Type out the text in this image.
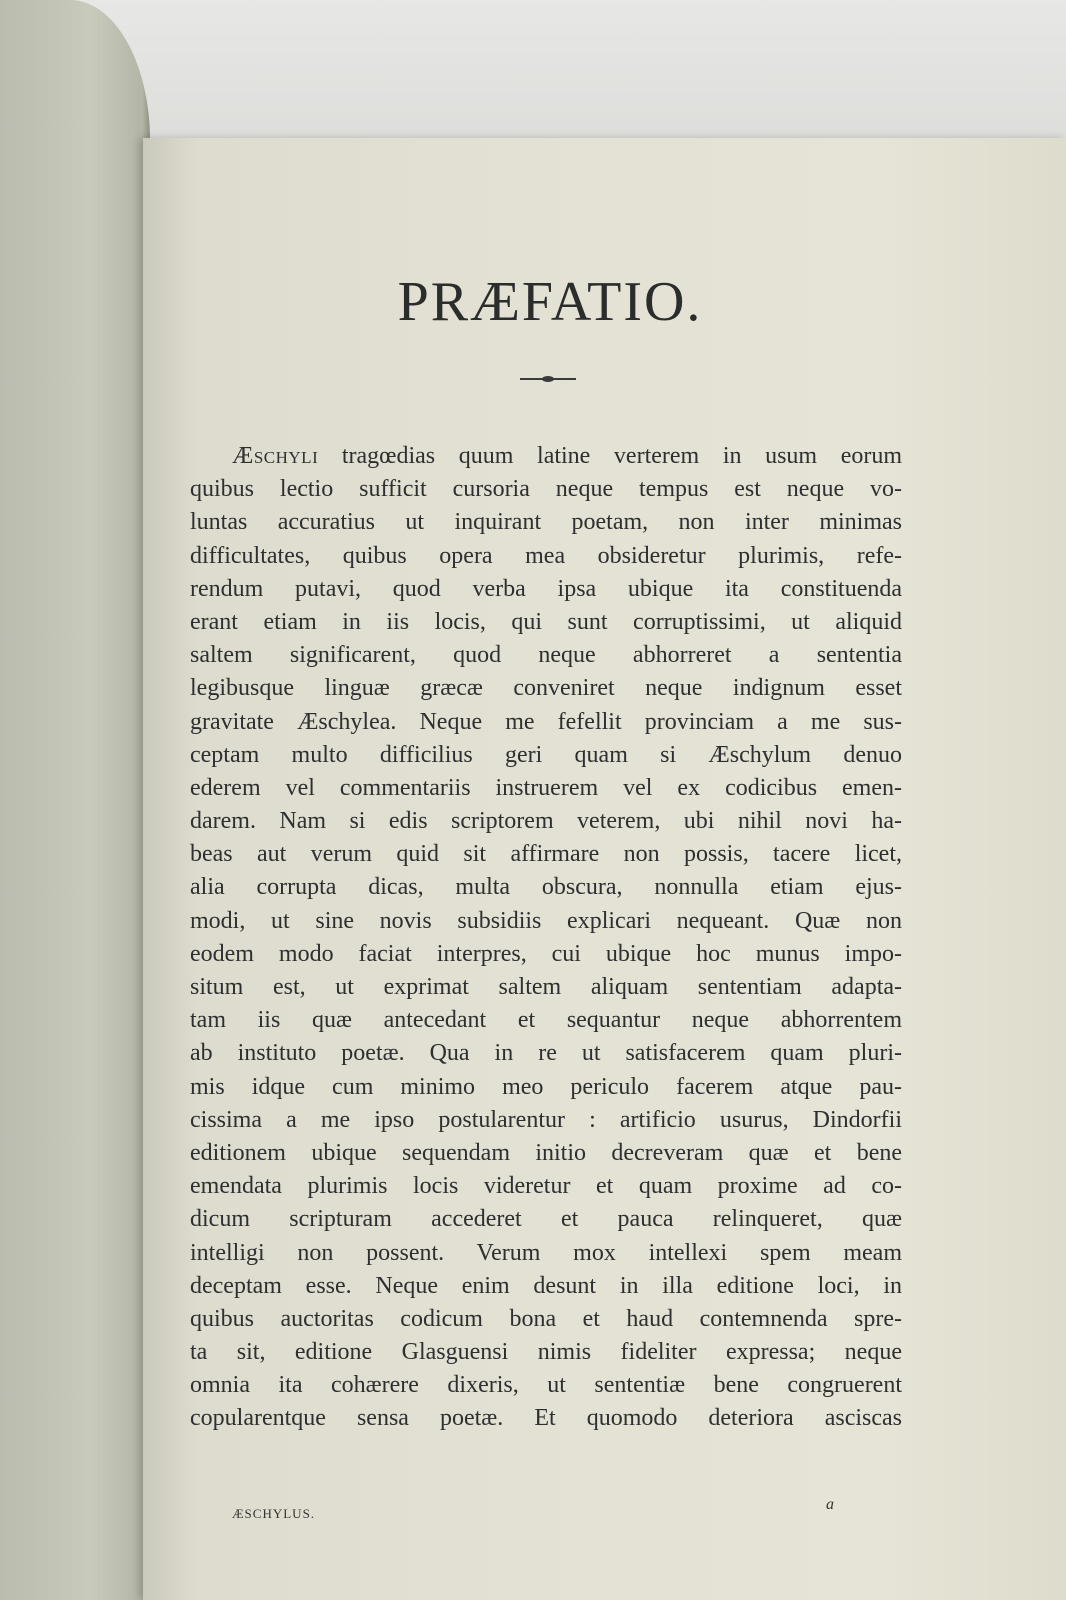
PRÆFATIO.
Æschyli tragœdias quum latine verterem in usum eorum
quibus lectio sufficit cursoria neque tempus est neque vo-
luntas accuratius ut inquirant poetam, non inter minimas
difficultates, quibus opera mea obsideretur plurimis, refe-
rendum putavi, quod verba ipsa ubique ita constituenda
erant etiam in iis locis, qui sunt corruptissimi, ut aliquid
saltem significarent, quod neque abhorreret a sententia
legibusque linguæ græcæ conveniret neque indignum esset
gravitate Æschylea. Neque me fefellit provinciam a me sus-
ceptam multo difficilius geri quam si Æschylum denuo
ederem vel commentariis instruerem vel ex codicibus emen-
darem. Nam si edis scriptorem veterem, ubi nihil novi ha-
beas aut verum quid sit affirmare non possis, tacere licet,
alia corrupta dicas, multa obscura, nonnulla etiam ejus-
modi, ut sine novis subsidiis explicari nequeant. Quæ non
eodem modo faciat interpres, cui ubique hoc munus impo-
situm est, ut exprimat saltem aliquam sententiam adapta-
tam iis quæ antecedant et sequantur neque abhorrentem
ab instituto poetæ. Qua in re ut satisfacerem quam pluri-
mis idque cum minimo meo periculo facerem atque pau-
cissima a me ipso postularentur : artificio usurus, Dindorfii
editionem ubique sequendam initio decreveram quæ et bene
emendata plurimis locis videretur et quam proxime ad co-
dicum scripturam accederet et pauca relinqueret, quæ
intelligi non possent. Verum mox intellexi spem meam
deceptam esse. Neque enim desunt in illa editione loci, in
quibus auctoritas codicum bona et haud contemnenda spre-
ta sit, editione Glasguensi nimis fideliter expressa; neque
omnia ita cohærere dixeris, ut sententiæ bene congruerent
copularentque sensa poetæ. Et quomodo deteriora asciscas
ÆSCHYLUS.
a
